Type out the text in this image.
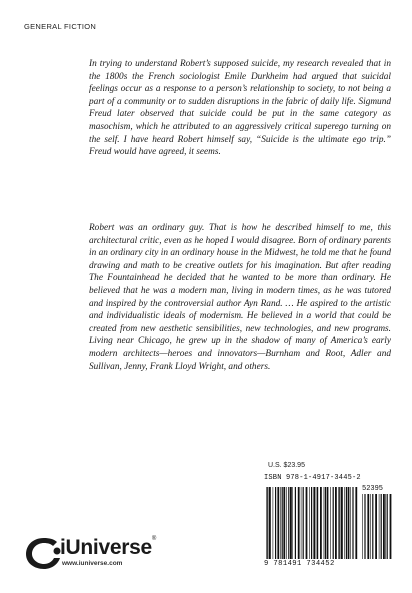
GENERAL FICTION

In trying to understand Robert’s supposed suicide, my research revealed that in the 1800s the French sociologist Emile Durkheim had argued that suicidal feelings occur as a response to a person’s relationship to society, to not being a part of a community or to sudden disruptions in the fabric of daily life. Sigmund Freud later observed that suicide could be put in the same category as masochism, which he attributed to an aggressively critical superego turning on the self. I have heard Robert himself say, “Suicide is the ultimate ego trip.” Freud would have agreed, it seems.

Robert was an ordinary guy. That is how he described himself to me, this architectural critic, even as he hoped I would disagree. Born of ordinary parents in an ordinary city in an ordinary house in the Midwest, he told me that he found drawing and math to be creative outlets for his imagination. But after reading The Fountainhead he decided that he wanted to be more than ordinary. He believed that he was a modern man, living in modern times, as he was tutored and inspired by the controversial author Ayn Rand. … He aspired to the artistic and individualistic ideals of modernism. He believed in a world that could be created from new aesthetic sensibilities, new technologies, and new programs. Living near Chicago, he grew up in the shadow of many of America’s early modern architects—heroes and innovators—Burnham and Root, Adler and Sullivan, Jenny, Frank Lloyd Wright, and others.

U.S. $23.95
ISBN 978-1-4917-3445-2
52395
9 781491 734452
iUniverse®
www.iuniverse.com
